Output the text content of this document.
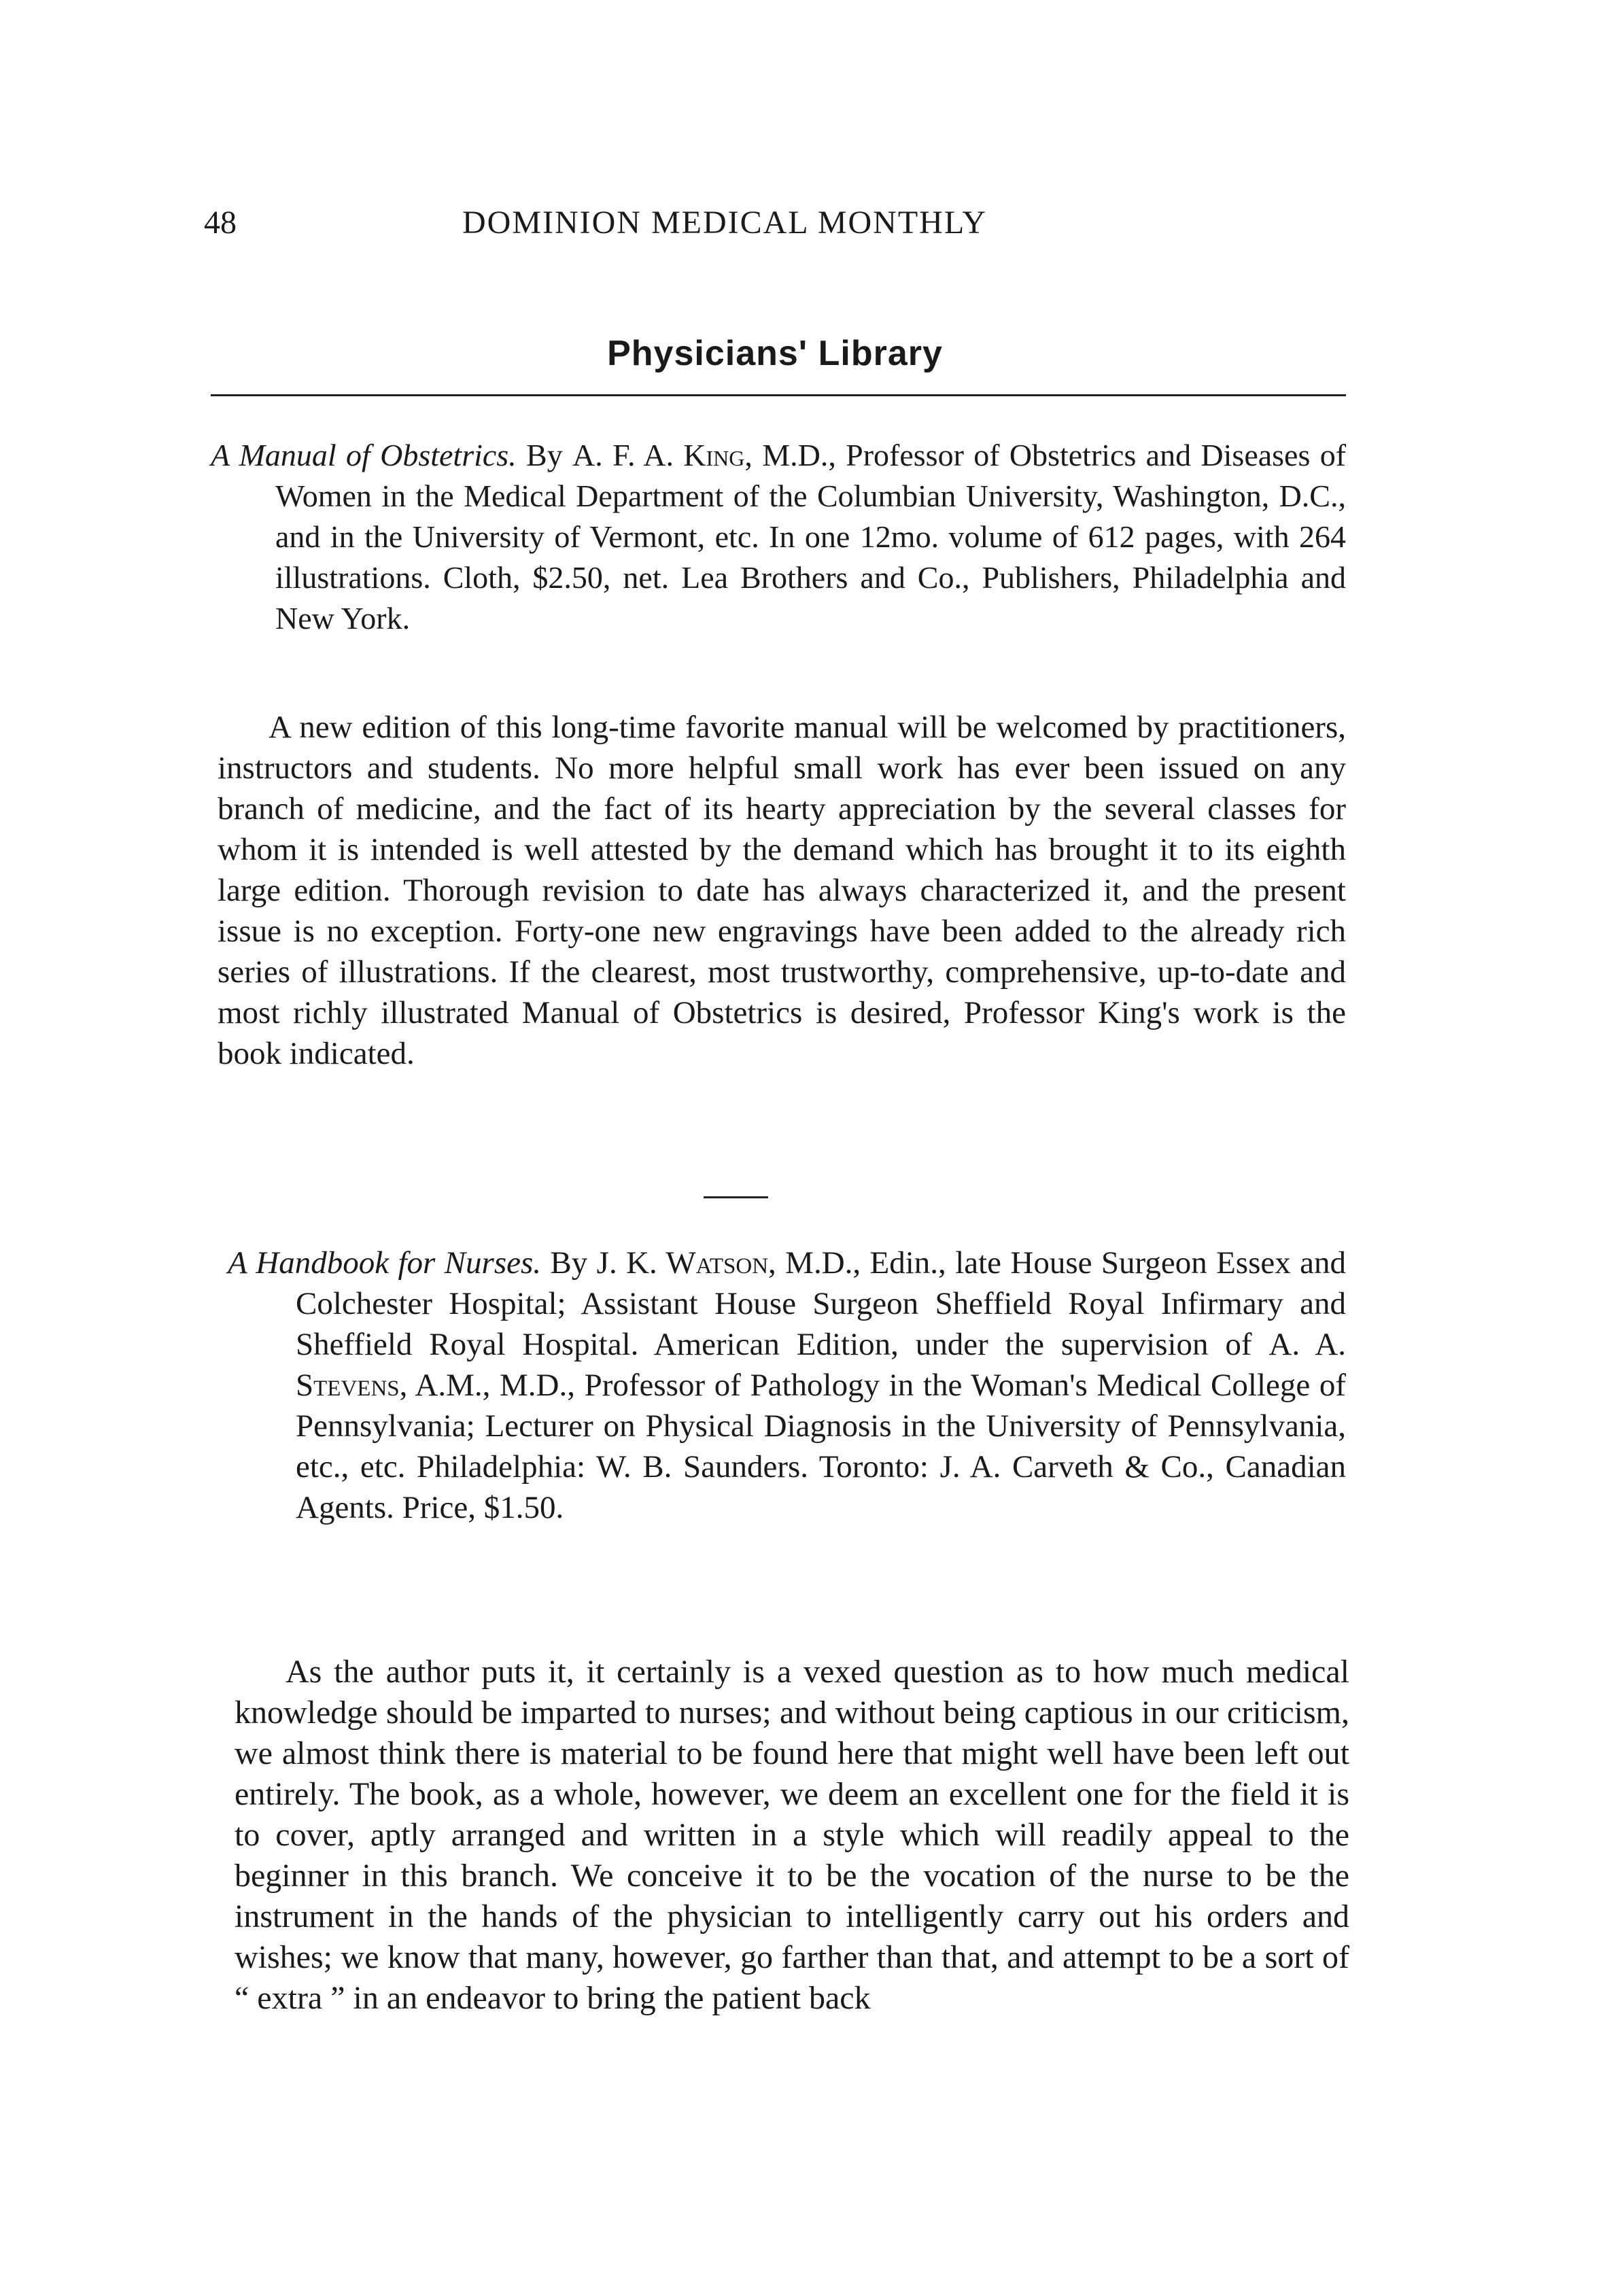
48	DOMINION MEDICAL MONTHLY
Physicians' Library

A Manual of Obstetrics. By A. F. A. King, M.D., Professor of Obstetrics and Diseases of Women in the Medical Department of the Columbian University, Washington, D.C., and in the University of Vermont, etc. In one 12mo. volume of 612 pages, with 264 illustrations. Cloth, $2.50, net. Lea Brothers and Co., Publishers, Philadelphia and New York.

A new edition of this long-time favorite manual will be welcomed by practitioners, instructors and students. No more helpful small work has ever been issued on any branch of medicine, and the fact of its hearty appreciation by the several classes for whom it is intended is well attested by the demand which has brought it to its eighth large edition. Thorough revision to date has always characterized it, and the present issue is no exception. Forty-one new engravings have been added to the already rich series of illustrations. If the clearest, most trustworthy, comprehensive, up-to-date and most richly illustrated Manual of Obstetrics is desired, Professor King's work is the book indicated.

A Handbook for Nurses. By J. K. Watson, M.D., Edin., late House Surgeon Essex and Colchester Hospital; Assistant House Surgeon Sheffield Royal Infirmary and Sheffield Royal Hospital. American Edition, under the supervision of A. A. Stevens, A.M., M.D., Professor of Pathology in the Woman's Medical College of Pennsylvania; Lecturer on Physical Diagnosis in the University of Pennsylvania, etc., etc. Philadelphia: W. B. Saunders. Toronto: J. A. Carveth & Co., Canadian Agents. Price, $1.50.

As the author puts it, it certainly is a vexed question as to how much medical knowledge should be imparted to nurses; and without being captious in our criticism, we almost think there is material to be found here that might well have been left out entirely. The book, as a whole, however, we deem an excellent one for the field it is to cover, aptly arranged and written in a style which will readily appeal to the beginner in this branch. We conceive it to be the vocation of the nurse to be the instrument in the hands of the physician to intelligently carry out his orders and wishes; we know that many, however, go farther than that, and attempt to be a sort of “ extra ” in an endeavor to bring the patient back
